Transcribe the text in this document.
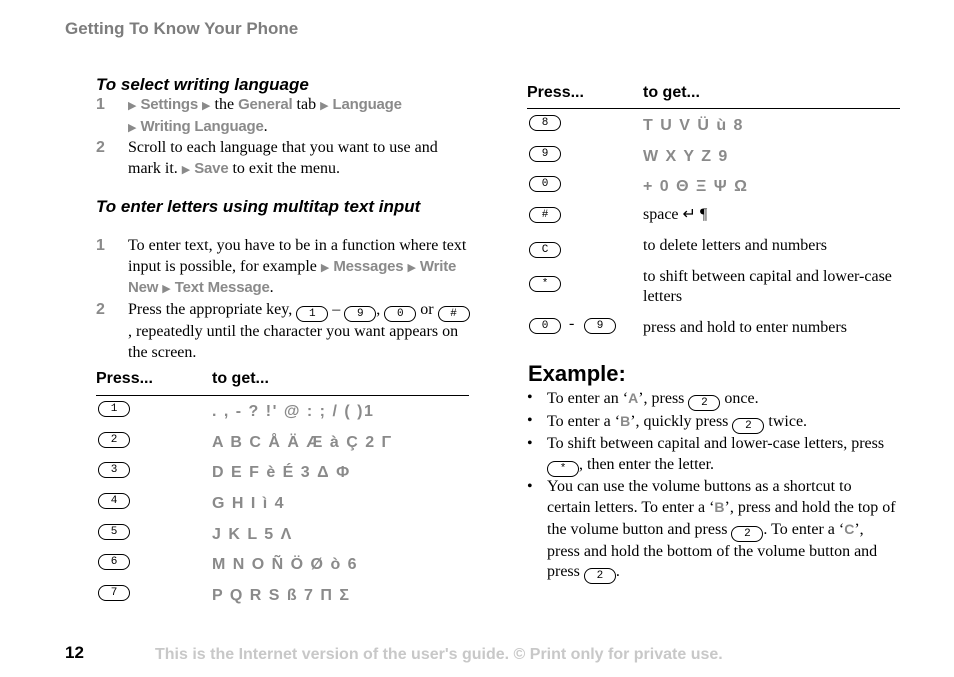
Getting To Know Your Phone
To select writing language
1 ▶ Settings ▶ the General tab ▶ Language
▶ Writing Language.
2 Scroll to each language that you want to use and mark it. ▶ Save to exit the menu.
To enter letters using multitap text input
1 To enter text, you have to be in a function where text input is possible, for example ▶ Messages ▶ Write New ▶ Text Message.
2 Press the appropriate key, 1 – 9 , 0 or #, repeatedly until the character you want appears on the screen.
Press...	to get...
1	. , - ? !' @ : ; / ( )1
2	A B C Å Ä Æ à Ç 2 Γ
3	D E F è É 3 Δ Φ
4	G H I ì 4
5	J K L 5 Λ
6	M N O Ñ Ö Ø ò 6
7	P Q R S ß 7 Π Σ
Press...	to get...
8	T U V Ü ù 8
9	W X Y Z 9
0	+ 0 Θ Ξ Ψ Ω
#	space ↵ ¶
C	to delete letters and numbers
*	to shift between capital and lower-case letters
0	-	9	press and hold to enter numbers
Example:
• To enter an ‘A’, press 2 once.
• To enter a ‘B’, quickly press 2 twice.
• To shift between capital and lower-case letters, press * , then enter the letter.
• You can use the volume buttons as a shortcut to certain letters. To enter a ‘B’, press and hold the top of the volume button and press 2 . To enter a ‘C’, press and hold the bottom of the volume button and press 2 .
12	This is the Internet version of the user's guide. © Print only for private use.
